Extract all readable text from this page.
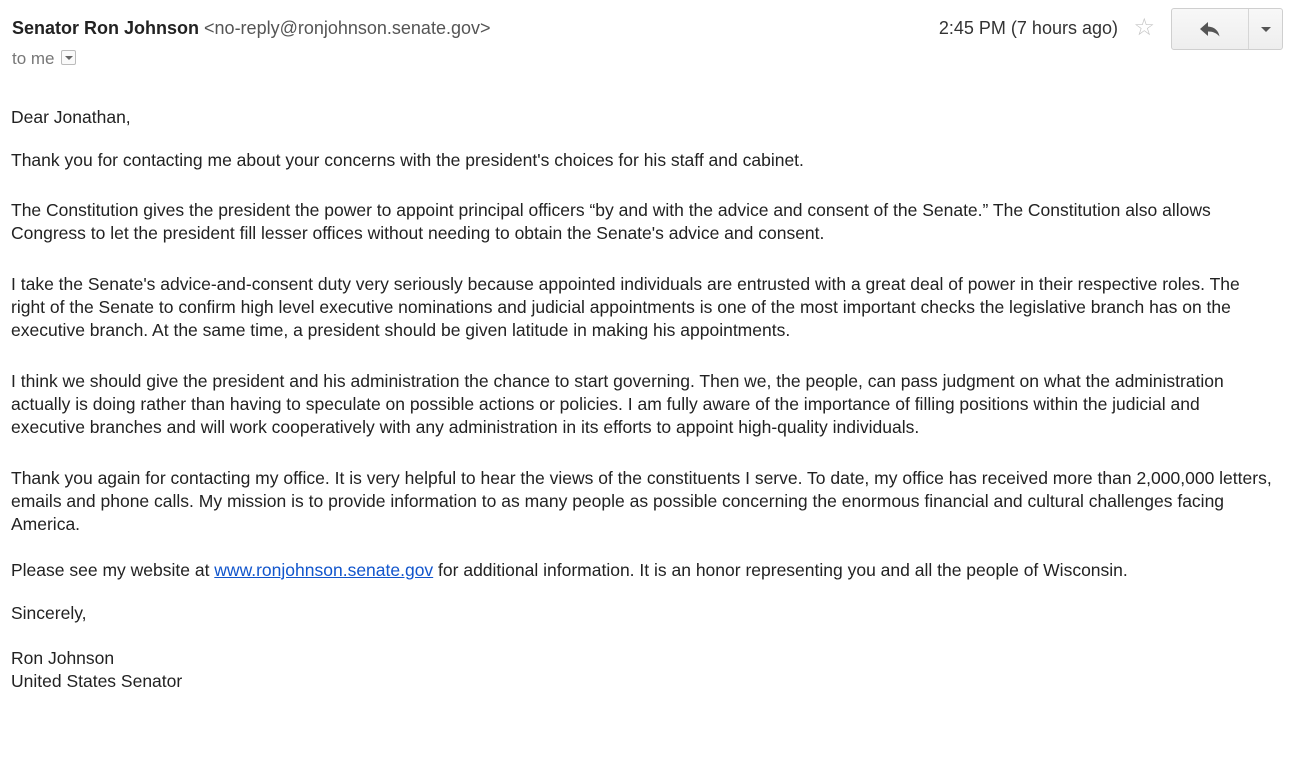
Senator Ron Johnson <no-reply@ronjohnson.senate.gov>
to me
2:45 PM (7 hours ago) ☆

Dear Jonathan,

Thank you for contacting me about your concerns with the president's choices for his staff and cabinet.

The Constitution gives the president the power to appoint principal officers “by and with the advice and consent of the Senate.” The Constitution also allows Congress to let the president fill lesser offices without needing to obtain the Senate's advice and consent.

I take the Senate's advice-and-consent duty very seriously because appointed individuals are entrusted with a great deal of power in their respective roles. The right of the Senate to confirm high level executive nominations and judicial appointments is one of the most important checks the legislative branch has on the executive branch. At the same time, a president should be given latitude in making his appointments.

I think we should give the president and his administration the chance to start governing. Then we, the people, can pass judgment on what the administration actually is doing rather than having to speculate on possible actions or policies. I am fully aware of the importance of filling positions within the judicial and executive branches and will work cooperatively with any administration in its efforts to appoint high-quality individuals.

Thank you again for contacting my office. It is very helpful to hear the views of the constituents I serve. To date, my office has received more than 2,000,000 letters, emails and phone calls. My mission is to provide information to as many people as possible concerning the enormous financial and cultural challenges facing America.

Please see my website at www.ronjohnson.senate.gov for additional information. It is an honor representing you and all the people of Wisconsin.

Sincerely,

Ron Johnson

United States Senator
